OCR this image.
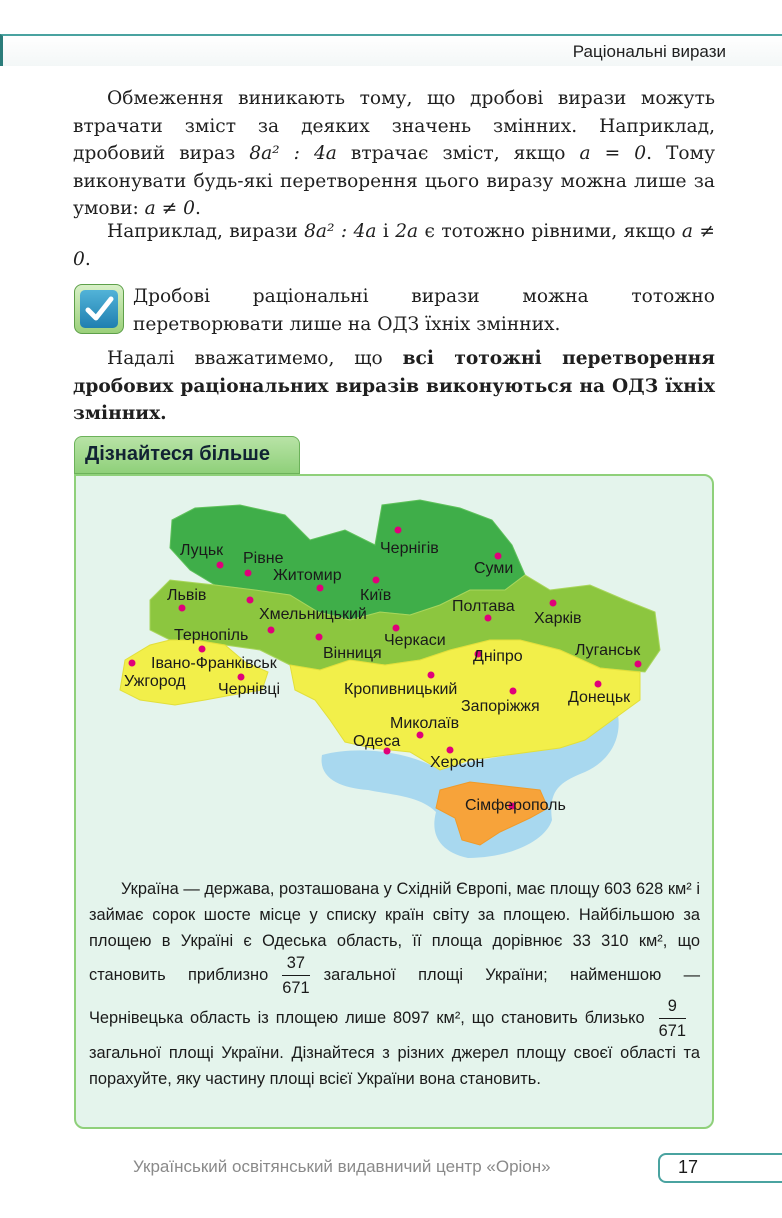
Раціональні вирази

Обмеження виникають тому, що дробові вирази можуть втрачати зміст за деяких значень змінних. Наприклад, дробовий вираз 8a² : 4a втрачає зміст, якщо a = 0. Тому виконувати будь-які перетворення цього виразу можна лише за умови: a ≠ 0.

Наприклад, вирази 8a² : 4a і 2a є тотожно рівними, якщо a ≠ 0.

Дробові раціональні вирази можна тотожно перетворювати лише на ОДЗ їхніх змінних.

Надалі вважатимемо, що всі тотожні перетворення дробових раціональних виразів виконуються на ОДЗ їхніх змінних.

Дізнайтеся більше
Луцьк Рівне
Житомир
Чернігів
Суми
Львів	Київ
Хмельницький	Полтава
Харків
Тернопіль	Черкаси
Вінниця
Івано-Франківськ	Дніпро	Луганськ
Ужгород Чернівці	Кропивницький
Запоріжжя
Донецьк
Миколаїв
Одеса
Херсон
Сімферополь

Україна — держава, розташована у Східній Європі, має площу 603 628 км² і займає сорок шосте місце у списку країн світу за площею. Найбільшою за площею в Україні є Одеська область, її площа дорівнює 33 310 км², що становить приблизно $\frac{37}{671}$ загальної площі України; найменшою — Чернівецька область із площею лише 8097 км², що становить близько $\frac{9}{671}$
загальної площі України. Дізнайтеся з різних джерел площу своєї області та порахуйте, яку частину площі всієї України вона становить.

Український освітянський видавничий центр «Оріон»	17
